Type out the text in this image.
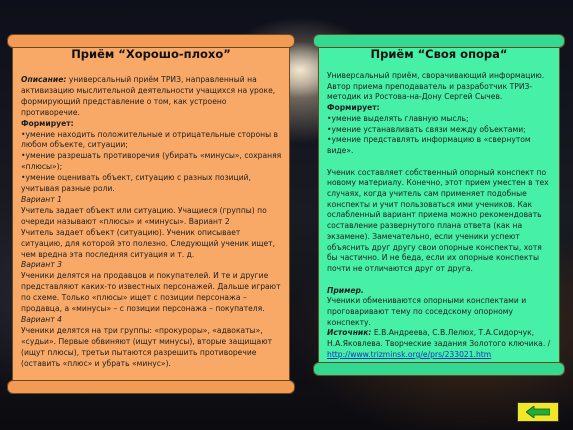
Приём “Хорошо-плохо”

Описание: универсальный приём ТРИЗ, направленный на активизацию мыслительной деятельности учащихся на уроке, формирующий представление о том, как устроено противоречие.

Формирует:

•умение находить положительные и отрицательные стороны в любом объекте, ситуации;

•умение разрешать противоречия (убирать «минусы», сохраняя «плюсы»);

•умение оценивать объект, ситуацию с разных позиций, учитывая разные роли.

Вариант 1

Учитель задает объект или ситуацию. Учащиеся (группы) по очереди называют «плюсы» и «минусы». Вариант 2

Учитель задает объект (ситуацию). Ученик описывает ситуацию, для которой это полезно. Следующий ученик ищет, чем вредна эта последняя ситуация и т. д.

Вариант 3

Ученики делятся на продавцов и покупателей. И те и другие представляют каких-то известных персонажей. Дальше играют по схеме. Только «плюсы» ищет с позиции персонажа – продавца, а «минусы» – с позиции персонажа – покупателя.

Вариант 4

Ученики делятся на три группы: «прокуроры», «адвокаты», «судьи». Первые обвиняют (ищут минусы), вторые защищают (ищут плюсы), третьи пытаются разрешить противоречие (оставить «плюс» и убрать «минус»).

Приём “Своя опора“

Универсальный приём, сворачивающий информацию. Автор приема преподаватель и разработчик ТРИЗ-методик из Ростова-на-Дону Сергей Сычев.

Формирует:

•умение выделять главную мысль;

•умение устанавливать связи между объектами;

•умение представлять информацию в «свернутом виде».

Ученик составляет собственный опорный конспект по новому материалу. Конечно, этот прием уместен в тех случаях, когда учитель сам применяет подобные конспекты и учит пользоваться ими учеников. Как ослабленный вариант приема можно рекомендовать составление развернутого плана ответа (как на экзамене). Замечательно, если ученики успеют объяснить друг другу свои опорные конспекты, хотя бы частично. И не беда, если их опорные конспекты почти не отличаются друг от друга.

Пример.

Ученики обмениваются опорными конспектами и проговаривают тему по соседскому опорному конспекту.

Источник: Е.В.Андреева, С.В.Лелюх, Т.А.Сидорчук, Н.А.Яковлева. Творческие задания Золотого ключика. / http://www.trizminsk.org/e/prs/233021.htm
